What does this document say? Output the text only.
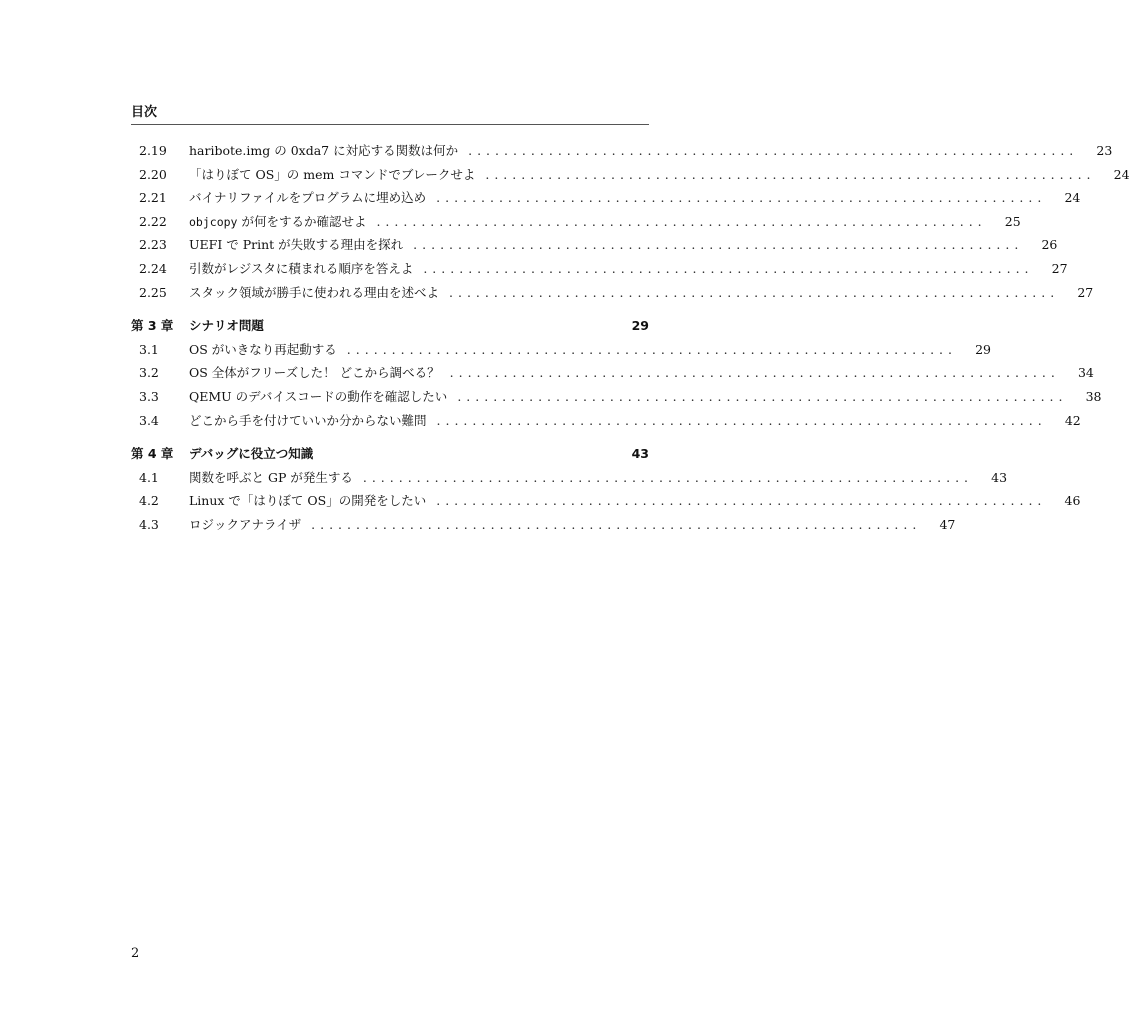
目次
2.19	haribote.img の 0xda7 に対応する関数は何か ....................................................................	23
2.20	「はりぼて OS」の mem コマンドでブレークせよ ....................................................................	24
2.21	バイナリファイルをプログラムに埋め込め ....................................................................	24
2.22	objcopy が何をするか確認せよ ....................................................................	25
2.23	UEFI で Print が失敗する理由を探れ ....................................................................	26
2.24	引数がレジスタに積まれる順序を答えよ ....................................................................	27
2.25	スタック領域が勝手に使われる理由を述べよ ....................................................................	27
第 3 章	シナリオ問題	29
3.1	OS がいきなり再起動する ....................................................................	29
3.2	OS 全体がフリーズした！ どこから調べる？ ....................................................................	34
3.3	QEMU のデバイスコードの動作を確認したい ....................................................................	38
3.4	どこから手を付けていいか分からない難問 ....................................................................	42
第 4 章	デバッグに役立つ知識	43
4.1	関数を呼ぶと GP が発生する ....................................................................	43
4.2	Linux で「はりぼて OS」の開発をしたい ....................................................................	46
4.3	ロジックアナライザ ....................................................................	47
2
